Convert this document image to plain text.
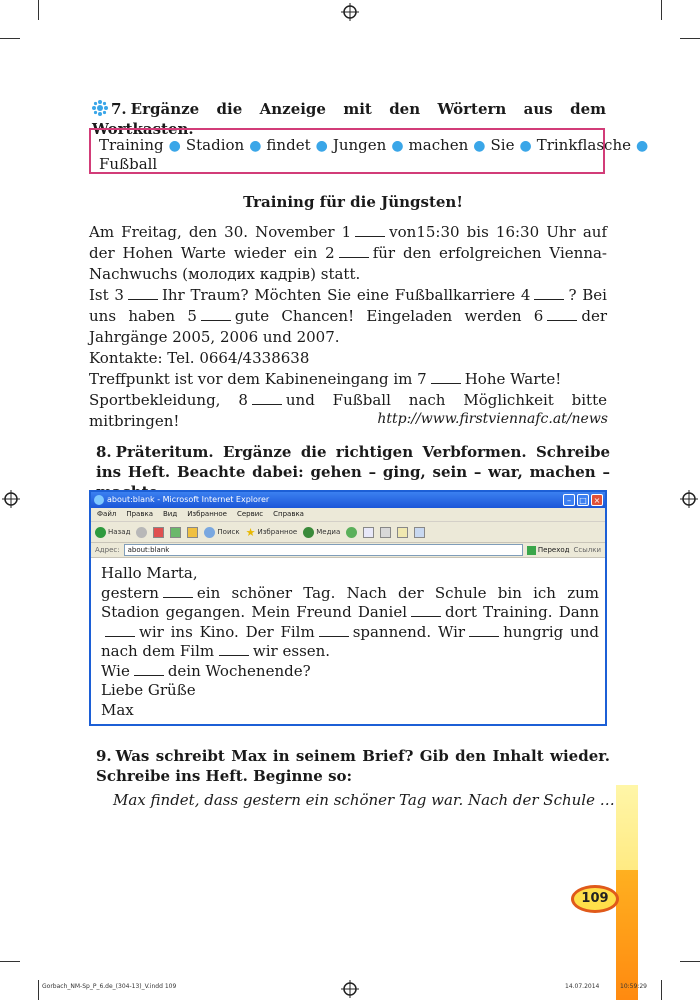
7. Ergänze die Anzeige mit den Wörtern aus dem Wortkasten.
Training ● Stadion ● findet ● Jungen ● machen ● Sie ● Trinkflasche ●
Fußball
Training für die Jüngsten!

Am Freitag, den 30. November 1	von15:30 bis 16:30 Uhr auf der Hohen Warte wieder ein 2	für den erfolgreichen Vienna-Nachwuchs (молодих кадрів) statt.

Ist 3	Ihr Traum? Möchten Sie eine Fußballkarriere 4	? Bei uns haben 5	gute Chancen! Eingeladen werden 6	der Jahrgänge 2005, 2006 und 2007.

Kontakte: Tel. 0664/4338638

Treffpunkt ist vor dem Kabineneingang im 7	Hohe Warte!

Sportbekleidung, 8	und Fußball nach Möglichkeit bitte mitbringen!	http://www.firstviennafc.at/news
8. Präteritum. Ergänze die richtigen Verbformen. Schreibe ins Heft. Beachte dabei: gehen – ging, sein – war, machen –
about:blank - Microsoft Internet Explorer	–	□ ×
Файл Правка Вид Избранное Сервис Справка
Назад	Поиск ★ Избранное	Медиа
Адрес:	about:blank	Переход Ссылки

Hallo Marta,

gestern	ein schöner Tag. Nach der Schule bin ich zum Stadion gegangen. Mein Freund Daniel	dort Training. Dannwir ins Kino. Der Film	spannend. Wir	hungrig und nach dem Film	wir essen.

Wie	dein Wochenende?

Liebe Grüße

Max

9. Was schreibt Max in seinem Brief? Gib den Inhalt wieder. Schreibe ins Heft. Beginne so:
Max findet, dass gestern ein schöner Tag war. Nach der Schule …
109
Gorbach_NM-Sp_P_6.de_(304-13)_V.indd 109	14.07.2014	10:59:29
